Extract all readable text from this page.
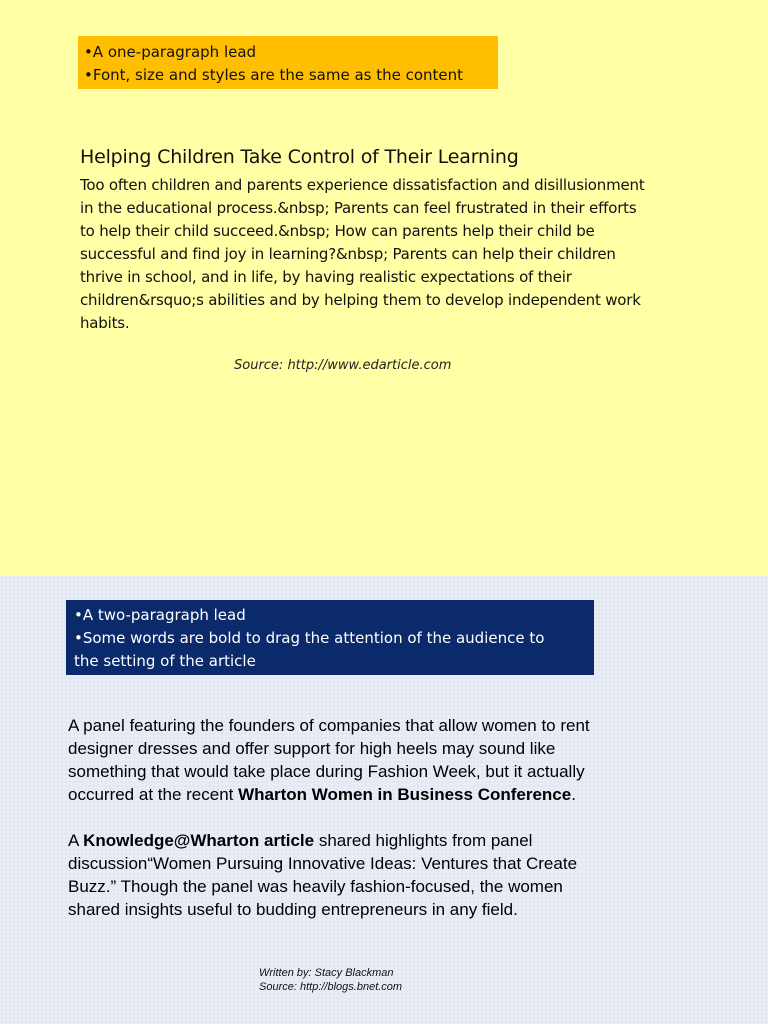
•A one-paragraph lead
•Font, size and styles are the same as the content
Helping Children Take Control of Their Learning
Too often children and parents experience dissatisfaction and disillusionment
in the educational process.&nbsp; Parents can feel frustrated in their efforts
to help their child succeed.&nbsp; How can parents help their child be
successful and find joy in learning?&nbsp; Parents can help their children
thrive in school, and in life, by having realistic expectations of their
children&rsquo;s abilities and by helping them to develop independent work
habits.
Source: http://www.edarticle.com
•A two-paragraph lead
•Some words are bold to drag the attention of the audience to
the setting of the article

A panel featuring the founders of companies that allow women to rent
designer dresses and offer support for high heels may sound like
something that would take place during Fashion Week, but it actually
occurred at the recent Wharton Women in Business Conference.

A Knowledge@Wharton article shared highlights from panel
discussion“Women Pursuing Innovative Ideas: Ventures that Create
Buzz.” Though the panel was heavily fashion-focused, the women
shared insights useful to budding entrepreneurs in any field.

Written by: Stacy Blackman
Source: http://blogs.bnet.com
